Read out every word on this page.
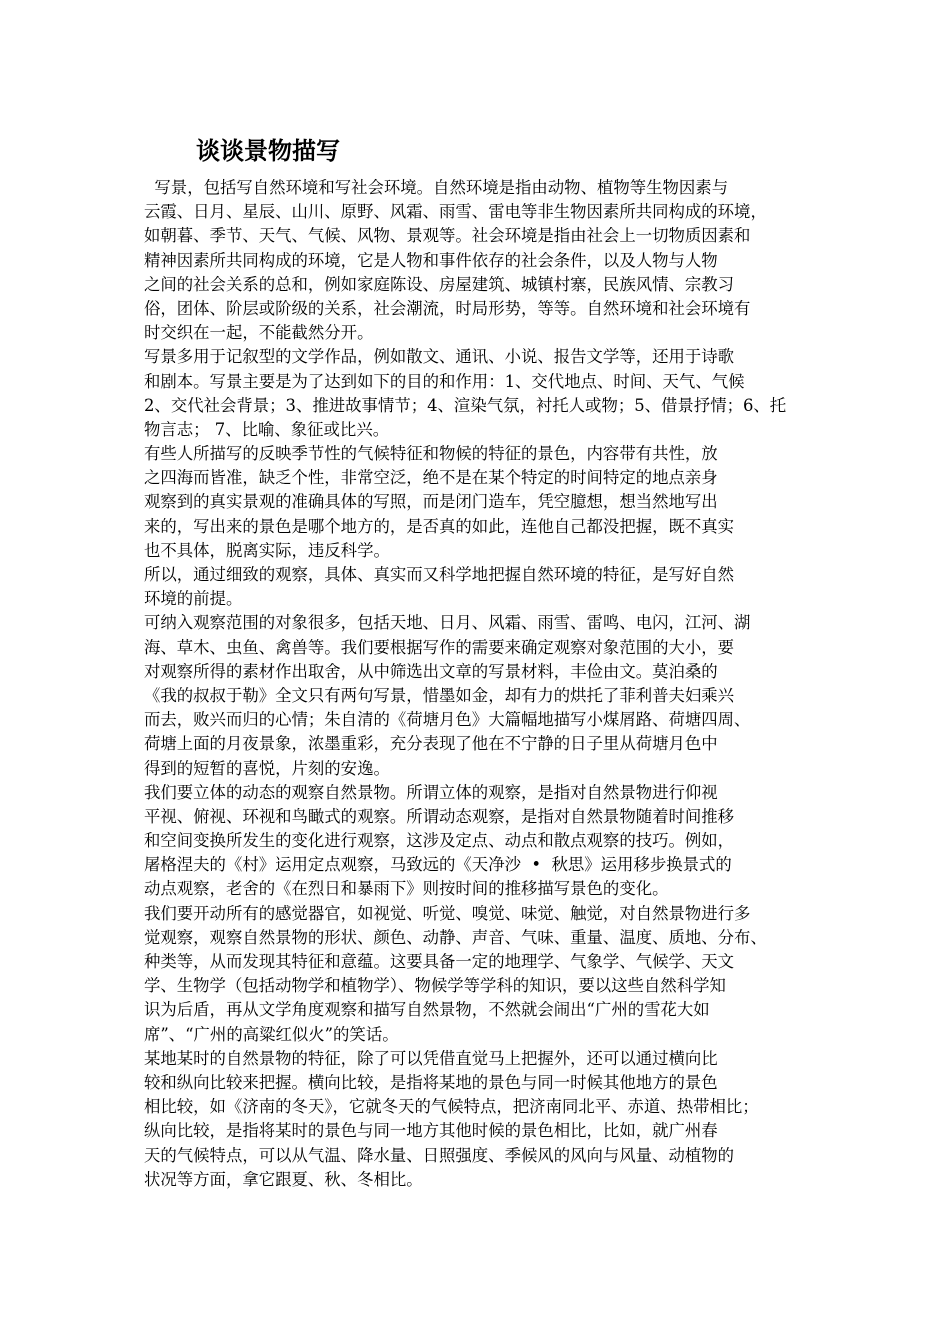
谈谈景物描写
写景，包括写自然环境和写社会环境。自然环境是指由动物、植物等生物因素与
云霞、日月、星辰、山川、原野、风霜、雨雪、雷电等非生物因素所共同构成的环境，
如朝暮、季节、天气、气候、风物、景观等。社会环境是指由社会上一切物质因素和
精神因素所共同构成的环境，它是人物和事件依存的社会条件，以及人物与人物
之间的社会关系的总和，例如家庭陈设、房屋建筑、城镇村寨，民族风情、宗教习
俗，团体、阶层或阶级的关系，社会潮流，时局形势，等等。自然环境和社会环境有
时交织在一起，不能截然分开。
写景多用于记叙型的文学作品，例如散文、通讯、小说、报告文学等，还用于诗歌
和剧本。写景主要是为了达到如下的目的和作用：1、交代地点、时间、天气、气候
2、交代社会背景；3、推进故事情节；4、渲染气氛，衬托人或物；5、借景抒情；6、托
物言志； 7、比喻、象征或比兴。
有些人所描写的反映季节性的气候特征和物候的特征的景色，内容带有共性，放
之四海而皆准，缺乏个性，非常空泛，绝不是在某个特定的时间特定的地点亲身
观察到的真实景观的准确具体的写照，而是闭门造车，凭空臆想，想当然地写出
来的，写出来的景色是哪个地方的，是否真的如此，连他自己都没把握，既不真实
也不具体，脱离实际，违反科学。
所以，通过细致的观察，具体、真实而又科学地把握自然环境的特征，是写好自然
环境的前提。
可纳入观察范围的对象很多，包括天地、日月、风霜、雨雪、雷鸣、电闪，江河、湖
海、草木、虫鱼、禽兽等。我们要根据写作的需要来确定观察对象范围的大小，要
对观察所得的素材作出取舍，从中筛选出文章的写景材料，丰俭由文。莫泊桑的
《我的叔叔于勒》全文只有两句写景，惜墨如金，却有力的烘托了菲利普夫妇乘兴
而去，败兴而归的心情；朱自清的《荷塘月色》大篇幅地描写小煤屑路、荷塘四周、
荷塘上面的月夜景象，浓墨重彩，充分表现了他在不宁静的日子里从荷塘月色中
得到的短暂的喜悦，片刻的安逸。
我们要立体的动态的观察自然景物。所谓立体的观察，是指对自然景物进行仰视
平视、俯视、环视和鸟瞰式的观察。所谓动态观察，是指对自然景物随着时间推移
和空间变换所发生的变化进行观察，这涉及定点、动点和散点观察的技巧。例如，
屠格涅夫的《村》运用定点观察，马致远的《天净沙  •  秋思》运用移步换景式的
动点观察，老舍的《在烈日和暴雨下》则按时间的推移描写景色的变化。
我们要开动所有的感觉器官，如视觉、听觉、嗅觉、味觉、触觉，对自然景物进行多
觉观察，观察自然景物的形状、颜色、动静、声音、气味、重量、温度、质地、分布、
种类等，从而发现其特征和意蕴。这要具备一定的地理学、气象学、气候学、天文
学、生物学（包括动物学和植物学）、物候学等学科的知识，要以这些自然科学知
识为后盾，再从文学角度观察和描写自然景物，不然就会闹出“广州的雪花大如
席”、“广州的高粱红似火”的笑话。
某地某时的自然景物的特征，除了可以凭借直觉马上把握外，还可以通过横向比
较和纵向比较来把握。横向比较，是指将某地的景色与同一时候其他地方的景色
相比较，如《济南的冬天》，它就冬天的气候特点，把济南同北平、赤道、热带相比；
纵向比较，是指将某时的景色与同一地方其他时候的景色相比，比如，就广州春
天的气候特点，可以从气温、降水量、日照强度、季候风的风向与风量、动植物的
状况等方面，拿它跟夏、秋、冬相比。
